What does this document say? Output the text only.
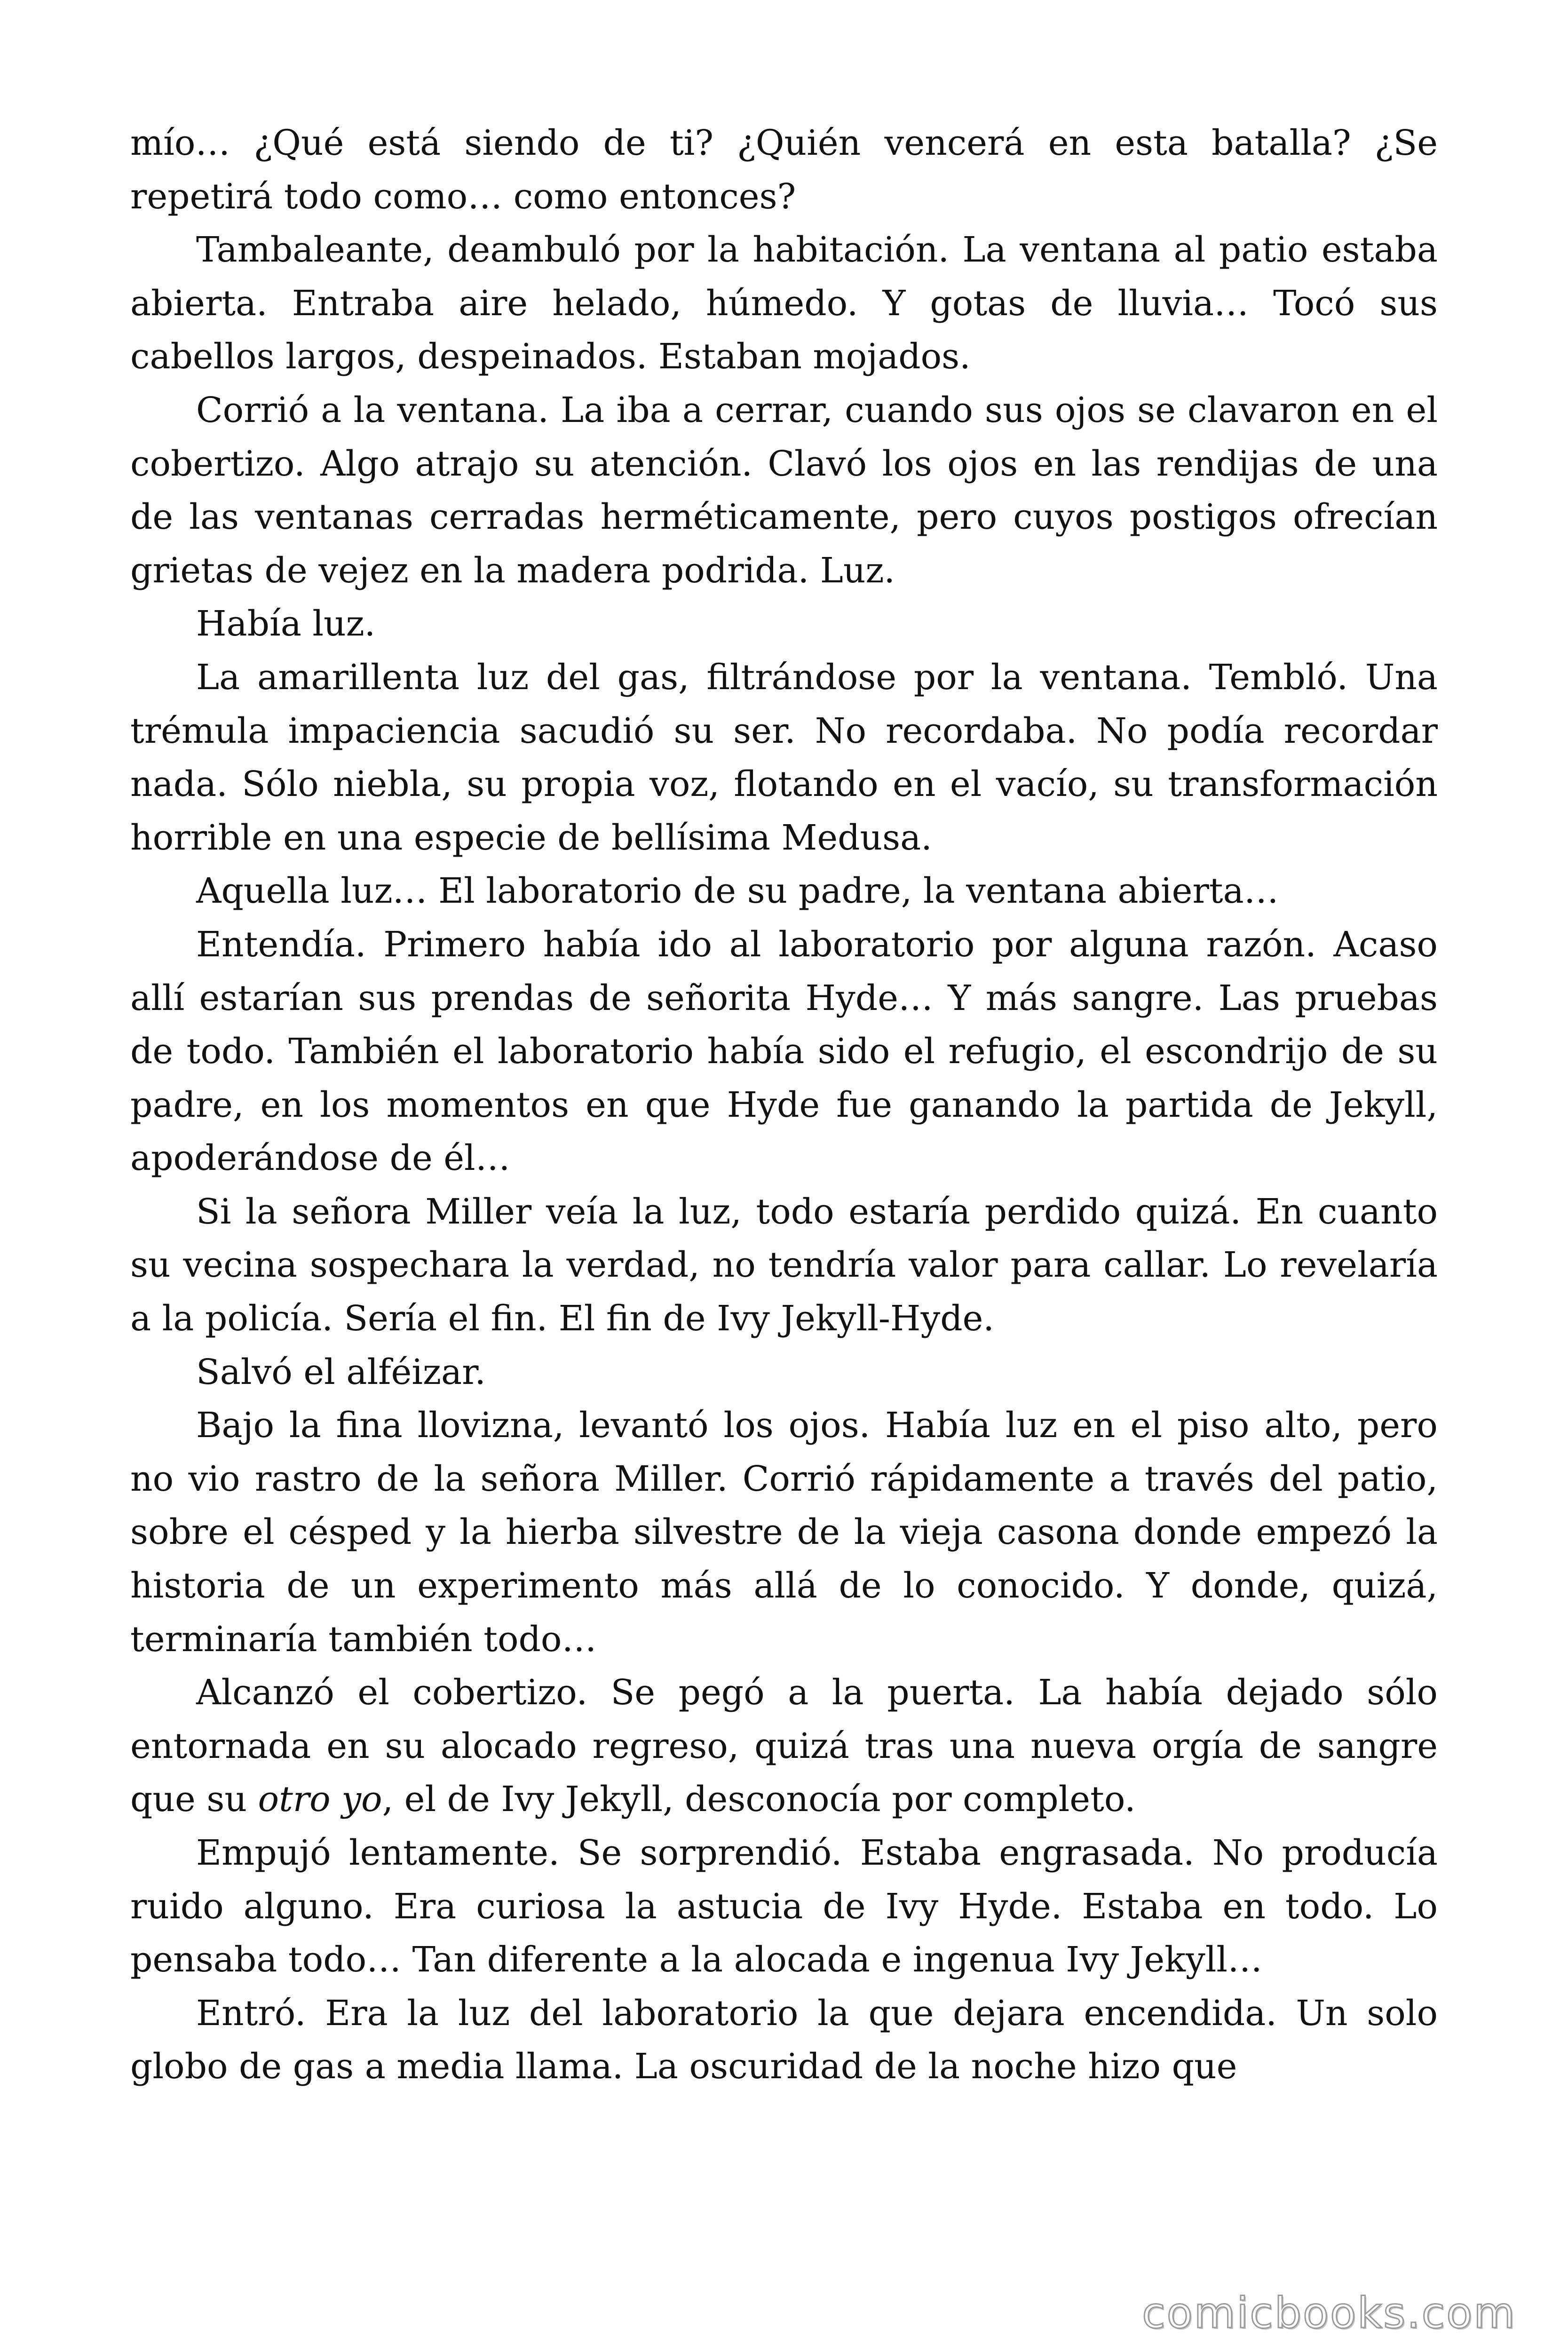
mío… ¿Qué está siendo de ti? ¿Quién vencerá en esta batalla? ¿Se repetirá todo como… como entonces?

Tambaleante, deambuló por la habitación. La ventana al patio estaba abierta. Entraba aire helado, húmedo. Y gotas de lluvia… Tocó sus cabellos largos, despeinados. Estaban mojados.

Corrió a la ventana. La iba a cerrar, cuando sus ojos se clavaron en el cobertizo. Algo atrajo su atención. Clavó los ojos en las rendijas de una de las ventanas cerradas herméticamente, pero cuyos postigos ofrecían grietas de vejez en la madera podrida. Luz.

Había luz.

La amarillenta luz del gas, filtrándose por la ventana. Tembló. Una trémula impaciencia sacudió su ser. No recordaba. No podía recordar nada. Sólo niebla, su propia voz, flotando en el vacío, su transformación horrible en una especie de bellísima Medusa.

Aquella luz… El laboratorio de su padre, la ventana abierta…

Entendía. Primero había ido al laboratorio por alguna razón. Acaso allí estarían sus prendas de señorita Hyde… Y más sangre. Las pruebas de todo. También el laboratorio había sido el refugio, el escondrijo de su padre, en los momentos en que Hyde fue ganando la partida de Jekyll, apoderándose de él…

Si la señora Miller veía la luz, todo estaría perdido quizá. En cuanto su vecina sospechara la verdad, no tendría valor para callar. Lo revelaría a la policía. Sería el fin. El fin de Ivy Jekyll-Hyde.

Salvó el alféizar.

Bajo la fina llovizna, levantó los ojos. Había luz en el piso alto, pero no vio rastro de la señora Miller. Corrió rápidamente a través del patio, sobre el césped y la hierba silvestre de la vieja casona donde empezó la historia de un experimento más allá de lo conocido. Y donde, quizá, terminaría también todo…

Alcanzó el cobertizo. Se pegó a la puerta. La había dejado sólo entornada en su alocado regreso, quizá tras una nueva orgía de sangre que su otro yo, el de Ivy Jekyll, desconocía por completo.

Empujó lentamente. Se sorprendió. Estaba engrasada. No producía ruido alguno. Era curiosa la astucia de Ivy Hyde. Estaba en todo. Lo pensaba todo… Tan diferente a la alocada e ingenua Ivy Jekyll…

Entró. Era la luz del laboratorio la que dejara encendida. Un solo globo de gas a media llama. La oscuridad de la noche hizo que

comicbooks.com
